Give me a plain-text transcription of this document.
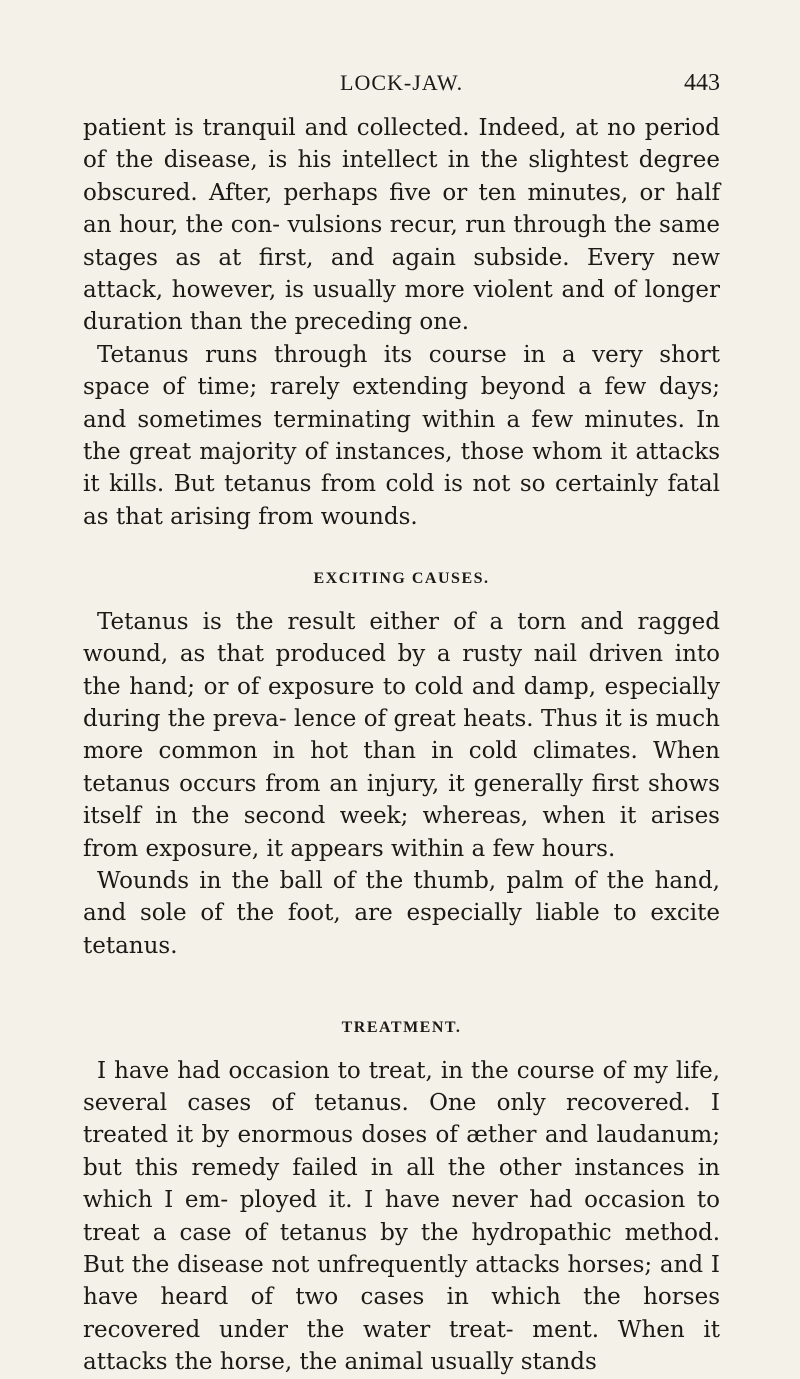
LOCK-JAW.	443

patient is tranquil and collected. Indeed, at no period of the disease, is his intellect in the slightest degree obscured. After, perhaps five or ten minutes, or half an hour, the con- vulsions recur, run through the same stages as at first, and again subside. Every new attack, however, is usually more violent and of longer duration than the preceding one.

Tetanus runs through its course in a very short space of time; rarely extending beyond a few days; and sometimes terminating within a few minutes. In the great majority of instances, those whom it attacks it kills. But tetanus from cold is not so certainly fatal as that arising from wounds.

EXCITING CAUSES.

Tetanus is the result either of a torn and ragged wound, as that produced by a rusty nail driven into the hand; or of exposure to cold and damp, especially during the preva- lence of great heats. Thus it is much more common in hot than in cold climates. When tetanus occurs from an injury, it generally first shows itself in the second week; whereas, when it arises from exposure, it appears within a few hours.

Wounds in the ball of the thumb, palm of the hand, and sole of the foot, are especially liable to excite tetanus.

TREATMENT.

I have had occasion to treat, in the course of my life, several cases of tetanus. One only recovered. I treated it by enormous doses of æther and laudanum; but this remedy failed in all the other instances in which I em- ployed it. I have never had occasion to treat a case of tetanus by the hydropathic method. But the disease not unfrequently attacks horses; and I have heard of two cases in which the horses recovered under the water treat- ment. When it attacks the horse, the animal usually stands
